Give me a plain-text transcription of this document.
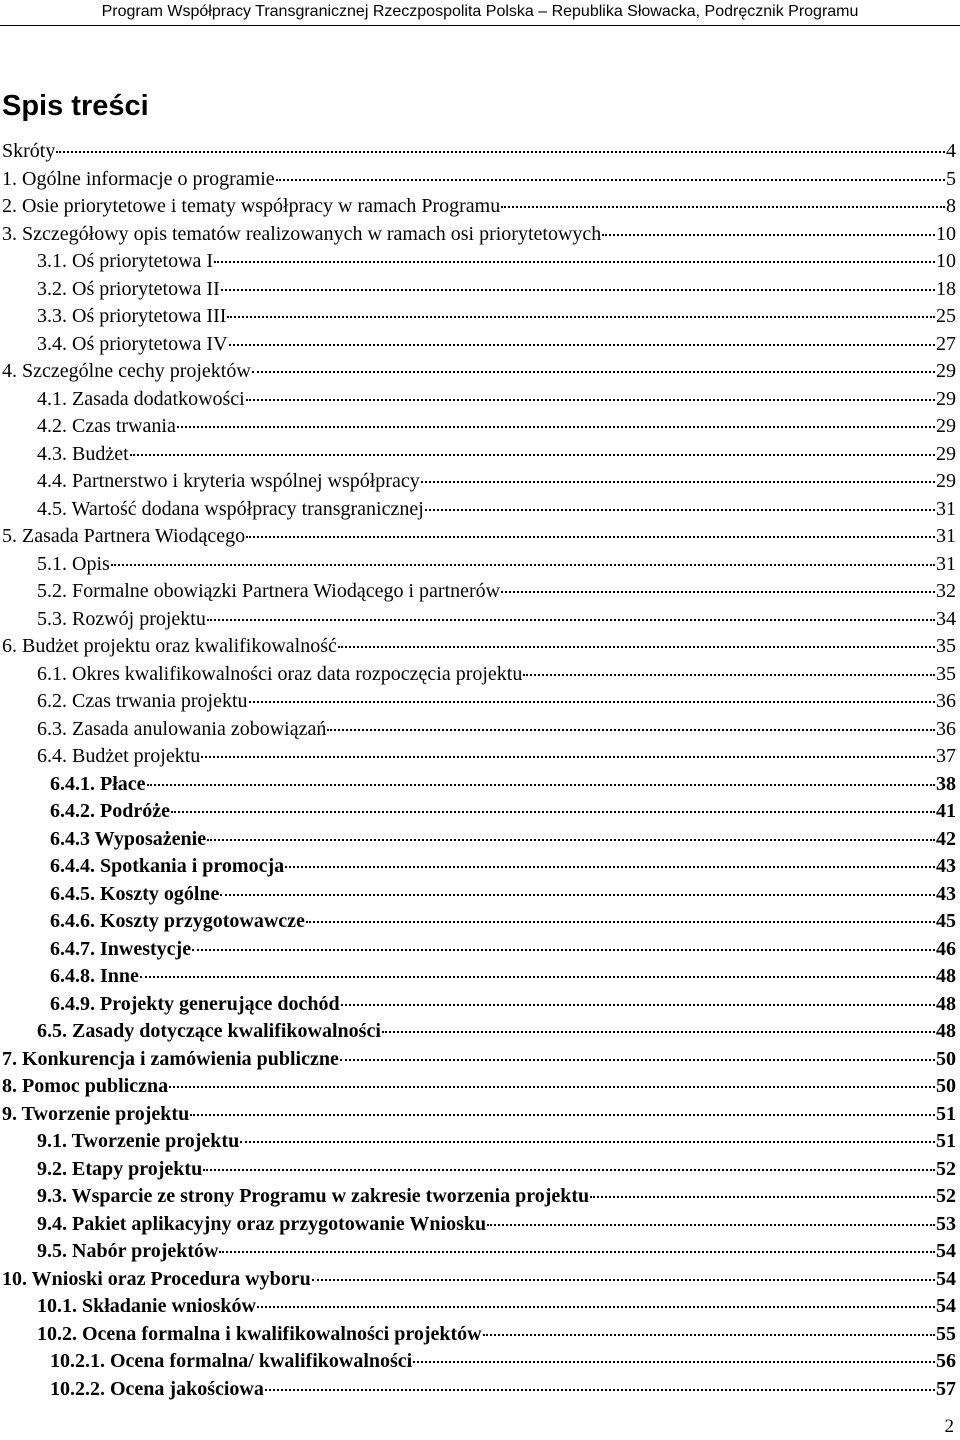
Program Współpracy Transgranicznej Rzeczpospolita Polska – Republika Słowacka, Podręcznik Programu
Spis treści
Skróty	4
1. Ogólne informacje o programie	5
2. Osie priorytetowe i tematy współpracy w ramach Programu	8
3. Szczegółowy opis tematów realizowanych w ramach osi priorytetowych	10
3.1. Oś priorytetowa I	10
3.2. Oś priorytetowa II	18
3.3. Oś priorytetowa III	25
3.4. Oś priorytetowa IV	27
4. Szczególne cechy projektów	29
4.1. Zasada dodatkowości	29
4.2. Czas trwania	29
4.3. Budżet	29
4.4. Partnerstwo i kryteria wspólnej współpracy	29
4.5. Wartość dodana współpracy transgranicznej	31
5. Zasada Partnera Wiodącego	31
5.1. Opis	31
5.2. Formalne obowiązki Partnera Wiodącego i partnerów	32
5.3. Rozwój projektu	34
6. Budżet projektu oraz kwalifikowalność	35
6.1. Okres kwalifikowalności oraz data rozpoczęcia projektu	35
6.2. Czas trwania projektu	36
6.3. Zasada anulowania zobowiązań	36
6.4. Budżet projektu	37
6.4.1. Płace	38
6.4.2. Podróże	41
6.4.3 Wyposażenie	42
6.4.4. Spotkania i promocja	43
6.4.5. Koszty ogólne	43
6.4.6. Koszty przygotowawcze	45
6.4.7. Inwestycje	46
6.4.8. Inne	48
6.4.9. Projekty generujące dochód	48
6.5. Zasady dotyczące kwalifikowalności	48
7. Konkurencja i zamówienia publiczne	50
8. Pomoc publiczna	50
9. Tworzenie projektu	51
9.1. Tworzenie projektu	51
9.2. Etapy projektu	52
9.3. Wsparcie ze strony Programu w zakresie tworzenia projektu	52
9.4. Pakiet aplikacyjny oraz przygotowanie Wniosku	53
9.5. Nabór projektów	54
10. Wnioski oraz Procedura wyboru	54
10.1. Składanie wniosków	54
10.2. Ocena formalna i kwalifikowalności projektów	55
10.2.1. Ocena formalna/ kwalifikowalności	56
10.2.2. Ocena jakościowa	57
2
